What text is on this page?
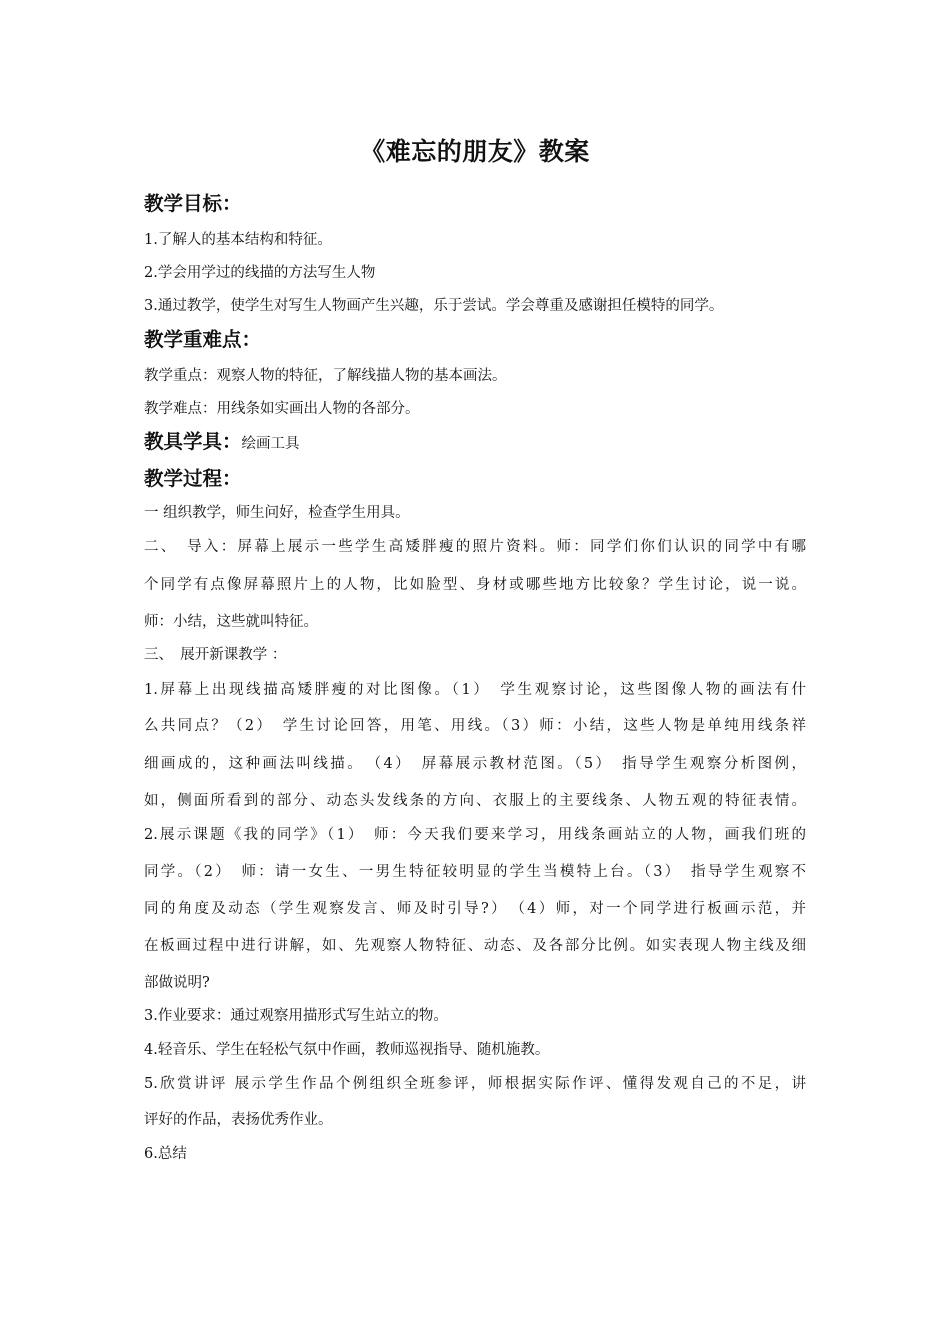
《难忘的朋友》教案
教学目标：
1.了解人的基本结构和特征。
2.学会用学过的线描的方法写生人物
3.通过教学，使学生对写生人物画产生兴趣，乐于尝试。学会尊重及感谢担任模特的同学。
教学重难点：
教学重点：观察人物的特征，了解线描人物的基本画法。
教学难点：用线条如实画出人物的各部分。
教具学具：绘画工具
教学过程：
一 组织教学，师生问好，检查学生用具。
二、　导入：屏幕上展示一些学生高矮胖瘦的照片资料。师：同学们你们认识的同学中有哪
个同学有点像屏幕照片上的人物，比如脸型、身材或哪些地方比较象？学生讨论，说一说。
师：小结，这些就叫特征。
三、　展开新课教学 ：
1.屏幕上出现线描高矮胖瘦的对比图像。（1）　学生观察讨论，这些图像人物的画法有什
么共同点？（2）　学生讨论回答，用笔、用线。（3）师：小结，这些人物是单纯用线条祥
细画成的，这种画法叫线描。　（4）　屏幕展示教材范图。（5）　指导学生观察分析图例，
如，侧面所看到的部分、动态头发线条的方向、衣服上的主要线条、人物五观的特征表情。
2.展示课题《我的同学》（1）　师：今天我们要来学习，用线条画站立的人物，画我们班的
同学。（2）　师：请一女生、一男生特征较明显的学生当模特上台。（3）　指导学生观察不
同的角度及动态（学生观察发言、师及时引导?）　（4）师，对一个同学进行板画示范，并
在板画过程中进行讲解，如、先观察人物特征、动态、及各部分比例。如实表现人物主线及细
部做说明?
3.作业要求：通过观察用描形式写生站立的物。
4.轻音乐、学生在轻松气氛中作画，教师巡视指导、随机施教。
5.欣赏讲评 展示学生作品个例组织全班参评，师根据实际作评、懂得发观自己的不足，讲
评好的作品，表扬优秀作业。
6.总结
